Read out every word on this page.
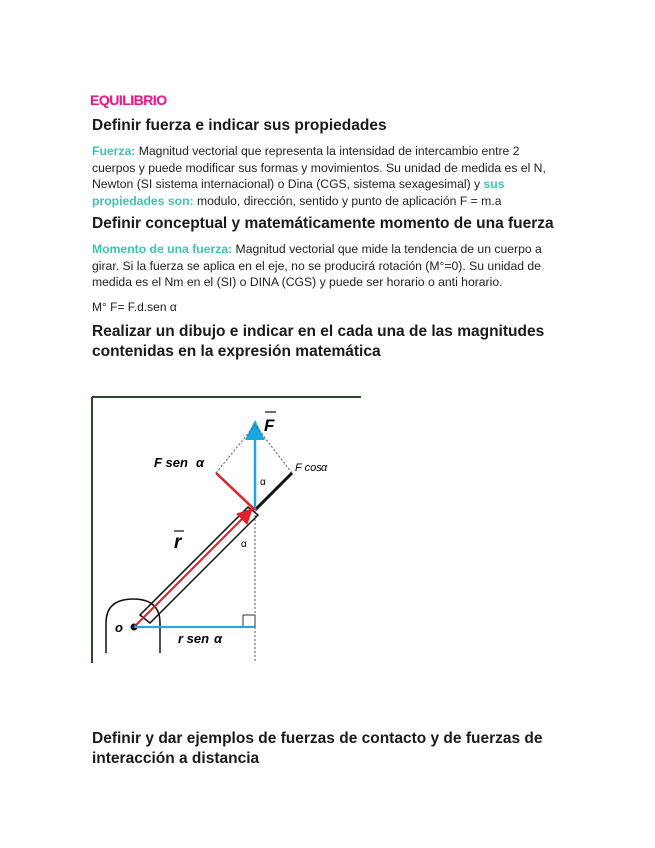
EQUILIBRIO
Definir fuerza e indicar sus propiedades
Fuerza: Magnitud vectorial que representa la intensidad de intercambio entre 2 cuerpos y puede modificar sus formas y movimientos. Su unidad de medida es el N, Newton (SI sistema internacional) o Dina (CGS, sistema sexagesimal) y sus propiedades son: modulo, dirección, sentido y punto de aplicación F = m.a
Definir conceptual y matemáticamente momento de una fuerza
Momento de una fuerza: Magnitud vectorial que mide la tendencia de un cuerpo a girar. Si la fuerza se aplica en el eje, no se producirá rotación (M°=0). Su unidad de medida es el Nm en el (SI) o DINA (CGS) y puede ser horario o anti horario.
M° F= F.d.sen α
Realizar un dibujo e indicar en el cada una de las magnitudes contenidas en la expresión matemática
o
F
F sen α	F cos α
α
α
r
r sen α
Definir y dar ejemplos de fuerzas de contacto y de fuerzas de interacción a distancia
